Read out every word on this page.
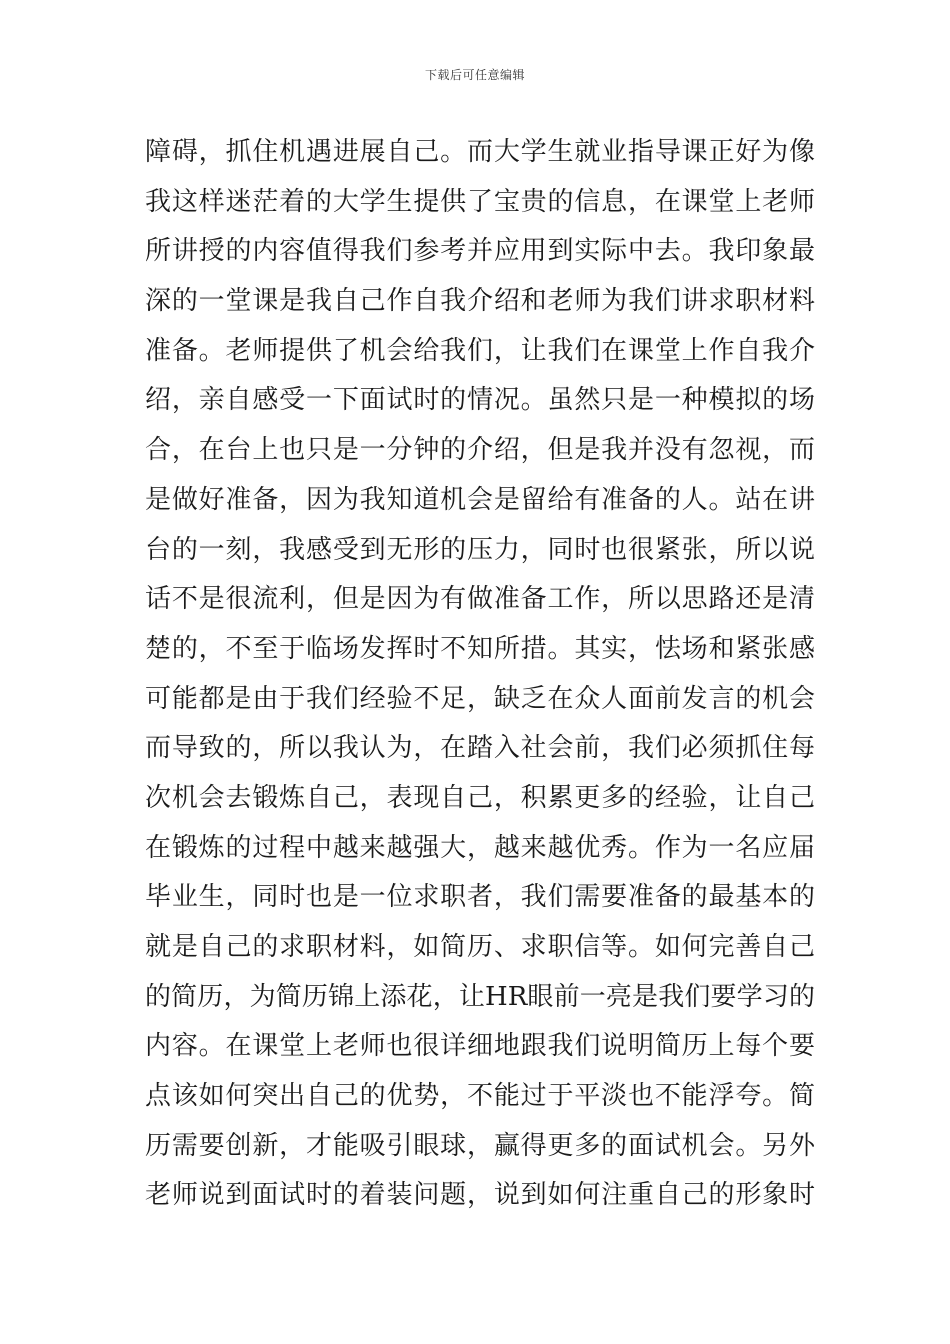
下载后可任意编辑
障碍，抓住机遇进展自己。而大学生就业指导课正好为像
我这样迷茫着的大学生提供了宝贵的信息，在课堂上老师
所讲授的内容值得我们参考并应用到实际中去。我印象最
深的一堂课是我自己作自我介绍和老师为我们讲求职材料
准备。老师提供了机会给我们，让我们在课堂上作自我介
绍，亲自感受一下面试时的情况。虽然只是一种模拟的场
合，在台上也只是一分钟的介绍，但是我并没有忽视，而
是做好准备，因为我知道机会是留给有准备的人。站在讲
台的一刻，我感受到无形的压力，同时也很紧张，所以说
话不是很流利，但是因为有做准备工作，所以思路还是清
楚的，不至于临场发挥时不知所措。其实，怯场和紧张感
可能都是由于我们经验不足，缺乏在众人面前发言的机会
而导致的，所以我认为，在踏入社会前，我们必须抓住每
次机会去锻炼自己，表现自己，积累更多的经验，让自己
在锻炼的过程中越来越强大，越来越优秀。作为一名应届
毕业生，同时也是一位求职者，我们需要准备的最基本的
就是自己的求职材料，如简历、求职信等。如何完善自己
的简历，为简历锦上添花，让HR眼前一亮是我们要学习的
内容。在课堂上老师也很详细地跟我们说明简历上每个要
点该如何突出自己的优势，不能过于平淡也不能浮夸。简
历需要创新，才能吸引眼球，赢得更多的面试机会。另外
老师说到面试时的着装问题，说到如何注重自己的形象时
